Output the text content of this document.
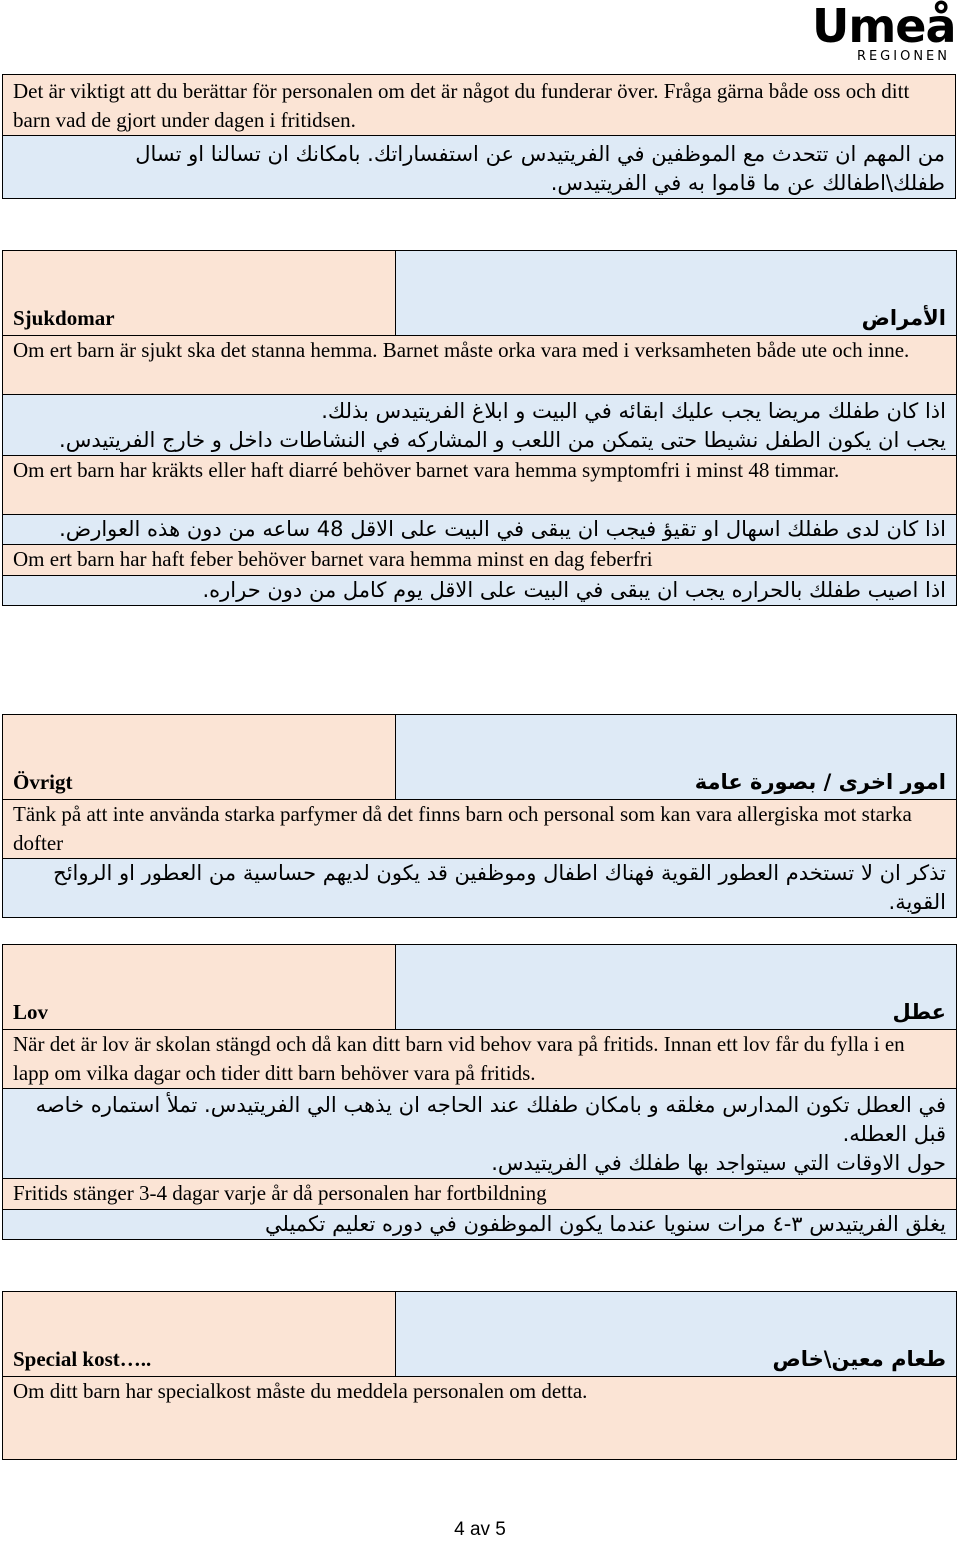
Umeå
REGIONEN
Det är viktigt att du berättar för personalen om det är något du funderar över. Fråga gärna både oss och ditt barn vad de gjort under dagen i fritidsen.
من المهم ان تتحدث مع الموظفين في الفريتيدس عن استفساراتك. بامكانك ان تسالنا او تسال طفلك\اطفالك عن ما قاموا به في الفريتيدس.
Sjukdomar	الأمراض
Om ert barn är sjukt ska det stanna hemma. Barnet måste orka vara med i verksamheten både ute och inne.

اذا كان طفلك مريضا يجب عليك ابقائه في البيت و ابلاغ الفريتيدس بذلك.
يجب ان يكون الطفل نشيطا حتى يتمكن من اللعب و المشاركه في النشاطات داخل و خارج الفريتيدس.

Om ert barn har kräkts eller haft diarré behöver barnet vara hemma symptomfri i minst 48 timmar.
اذا كان لدى طفلك اسهال او تقيؤ فيجب ان يبقى في البيت على الاقل 48 ساعه من دون هذه العوارض.
Om ert barn har haft feber behöver barnet vara hemma minst en dag feberfri
اذا اصيب طفلك بالحراره يجب ان يبقى في البيت على الاقل يوم كامل من دون حراره.
Övrigt	امور اخرى / بصورة عامة
Tänk på att inte använda starka parfymer då det finns barn och personal som kan vara allergiska mot starka dofter
تذكر ان لا تستخدم العطور القوية فهناك اطفال وموظفين قد يكون لديهم حساسية من العطور او الروائح القوية.
Lov	عطل
När det är lov är skolan stängd och då kan ditt barn vid behov vara på fritids. Innan ett lov får du fylla i en lapp om vilka dagar och tider ditt barn behöver vara på fritids.

في العطل تكون المدارس مغلقه و بامكان طفلك عند الحاجه ان يذهب الي الفريتيدس. تملأ استماره خاصه قبل العطله.
حول الاوقات التي سيتواجد بها طفلك في الفريتيدس.

Fritids stänger 3-4 dagar varje år då personalen har fortbildning
يغلق الفريتيدس ٣-٤ مرات سنويا عندما يكون الموظفون في دوره تعليم تكميلي
Special kost…..	طعام معين\خاص
Om ditt barn har specialkost måste du meddela personalen om detta.
4 av 5
